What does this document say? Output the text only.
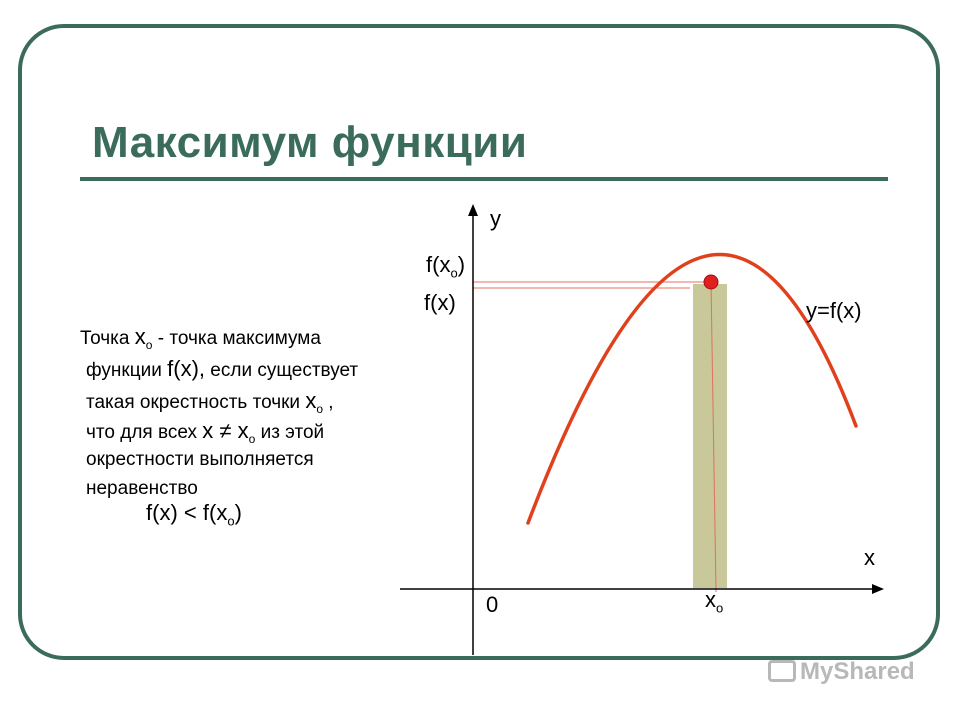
Максимум функции
Точка $x_o$ - точка максимума
функции f(x), если существует
такая окрестность точки $x_o$ ,
что для всех $x \ne x_o$ из этой
окрестности выполняется
неравенство
$f(x) < f(x_o)$
y
x
0
$f(x_o)$
f(x)	y=f(x)
$x_o$
MyShared
